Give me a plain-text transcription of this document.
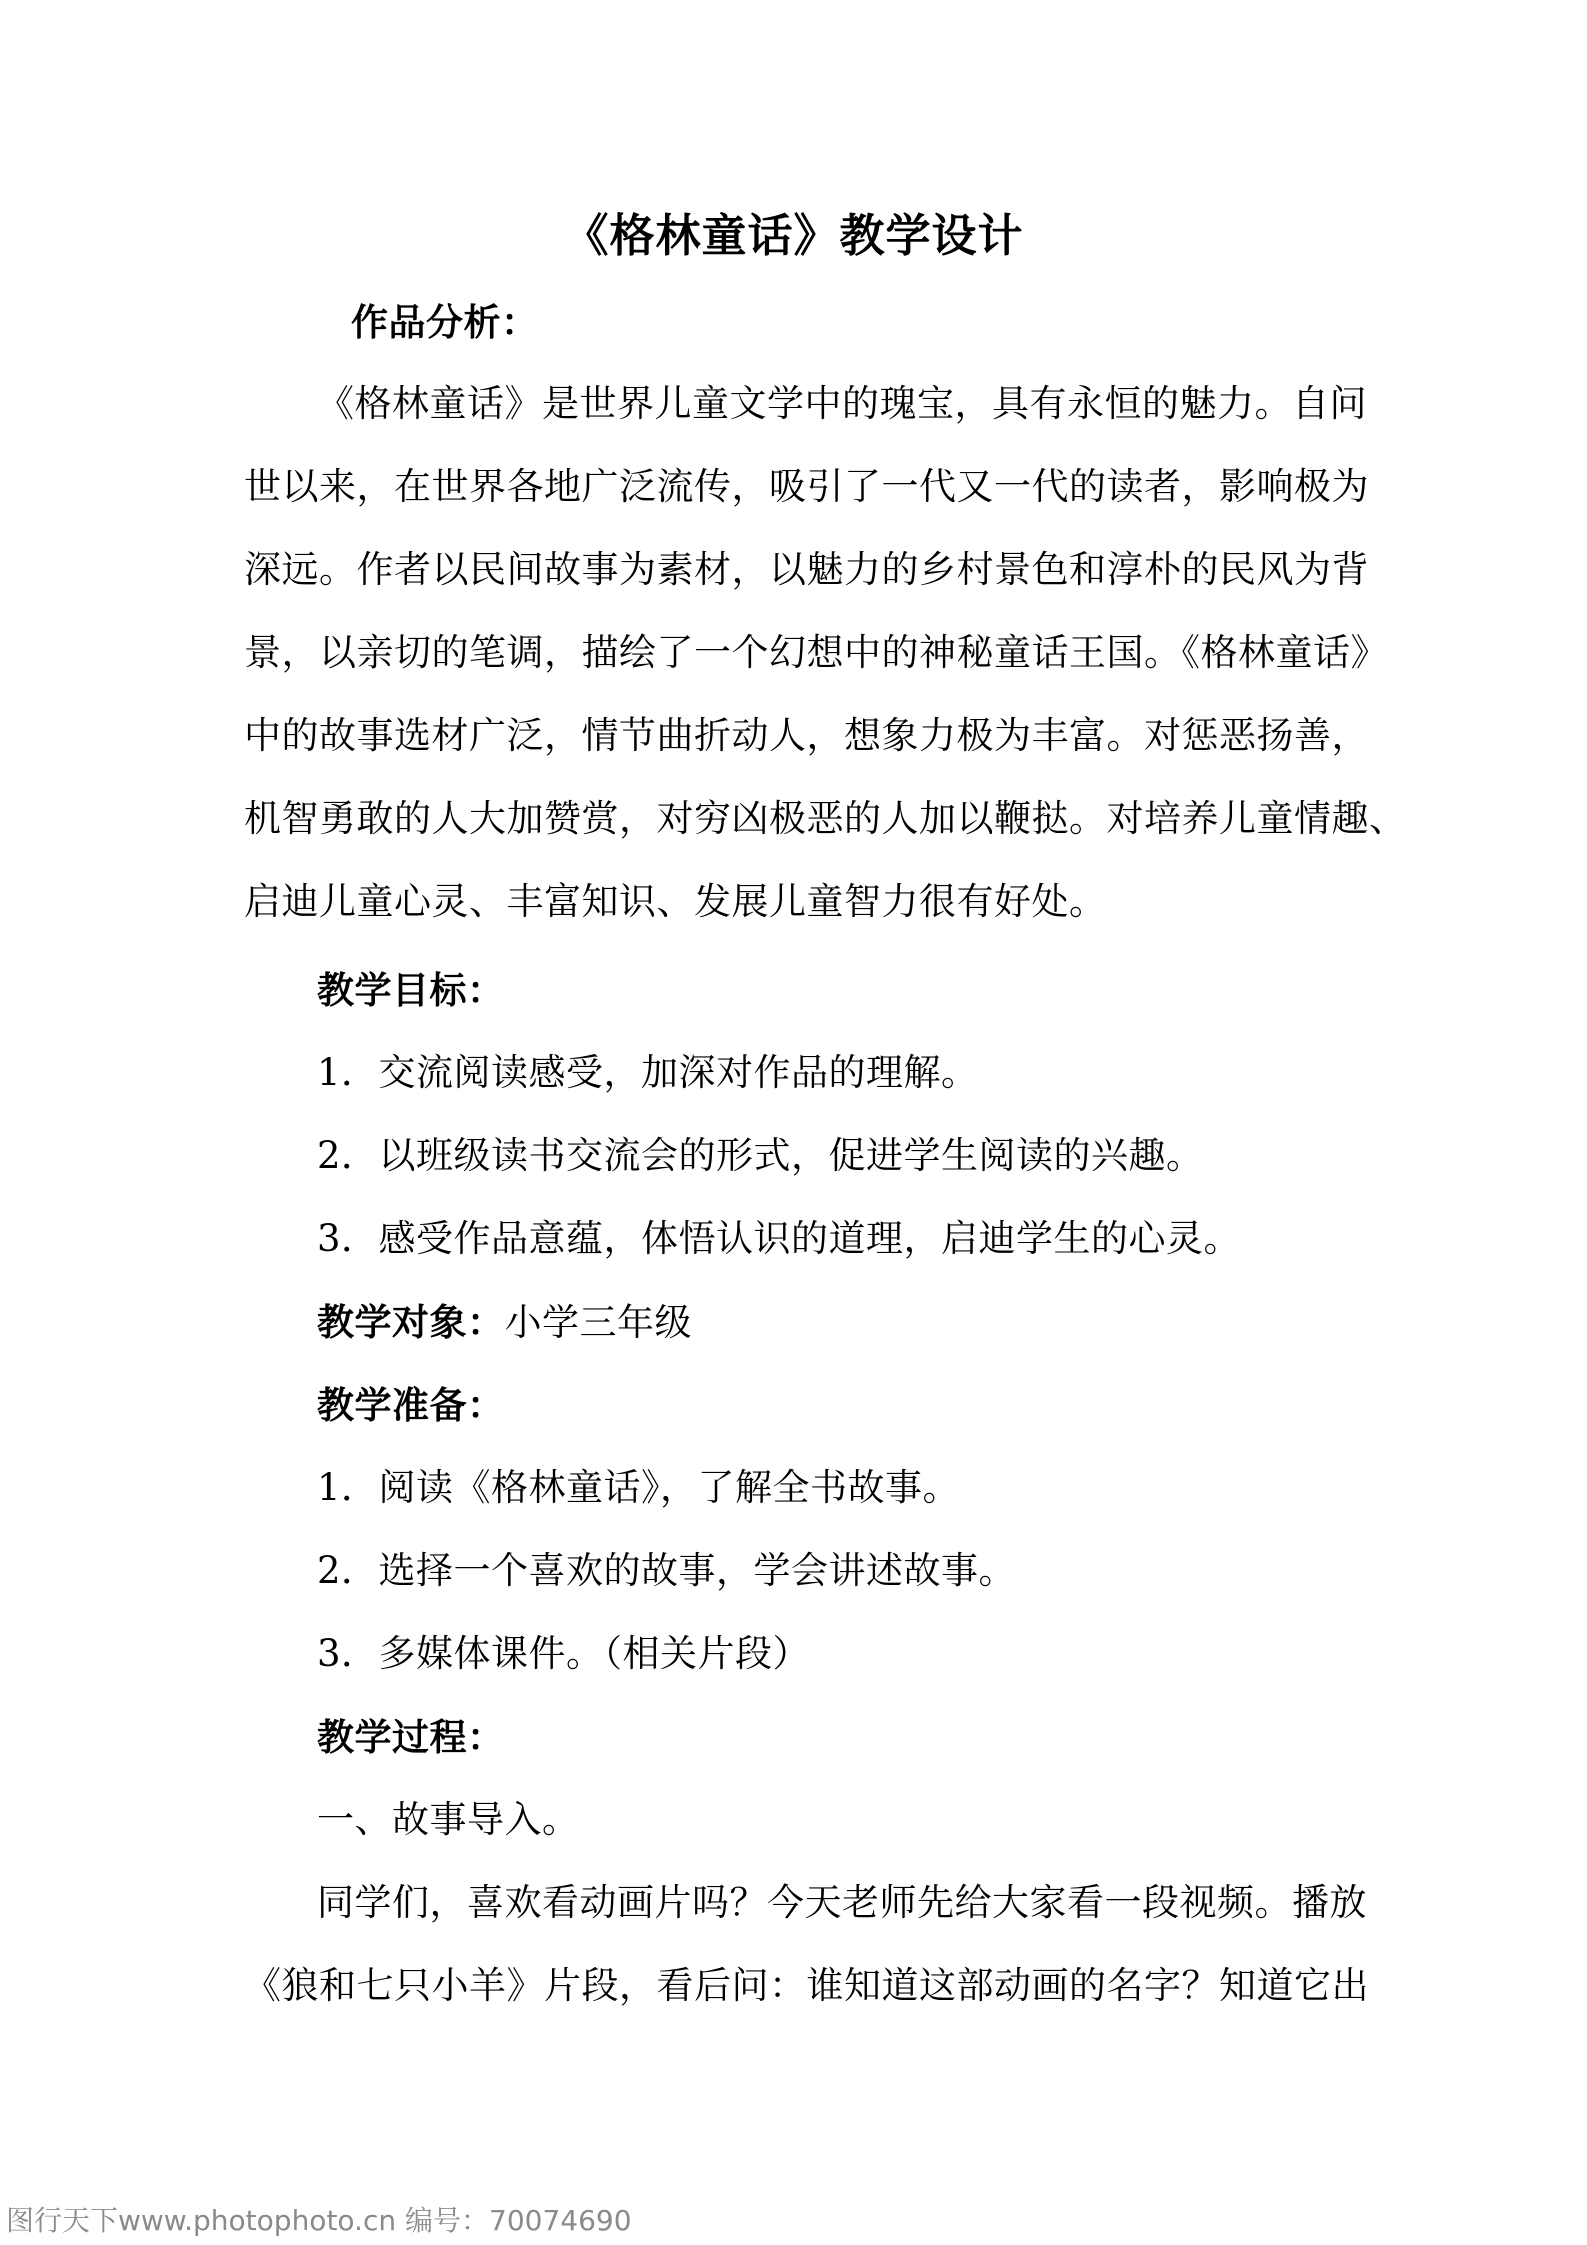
《格林童话》教学设计
作品分析：
《格林童话》是世界儿童文学中的瑰宝，具有永恒的魅力。自问
世以来，在世界各地广泛流传，吸引了一代又一代的读者，影响极为
深远。作者以民间故事为素材，以魅力的乡村景色和淳朴的民风为背
景，以亲切的笔调，描绘了一个幻想中的神秘童话王国。《格林童话》
中的故事选材广泛，情节曲折动人，想象力极为丰富。对惩恶扬善，
机智勇敢的人大加赞赏，对穷凶极恶的人加以鞭挞。对培养儿童情趣、
启迪儿童心灵、丰富知识、发展儿童智力很有好处。
教学目标：
1．交流阅读感受，加深对作品的理解。
2．以班级读书交流会的形式，促进学生阅读的兴趣。
3．感受作品意蕴，体悟认识的道理，启迪学生的心灵。
教学对象：小学三年级
教学准备：
1．阅读《格林童话》，了解全书故事。
2．选择一个喜欢的故事，学会讲述故事。
3．多媒体课件。（相关片段）
教学过程：
一、故事导入。
同学们，喜欢看动画片吗？今天老师先给大家看一段视频。播放
《狼和七只小羊》片段，看后问：谁知道这部动画的名字？知道它出
图行天下www.photophoto.cn 编号：70074690
